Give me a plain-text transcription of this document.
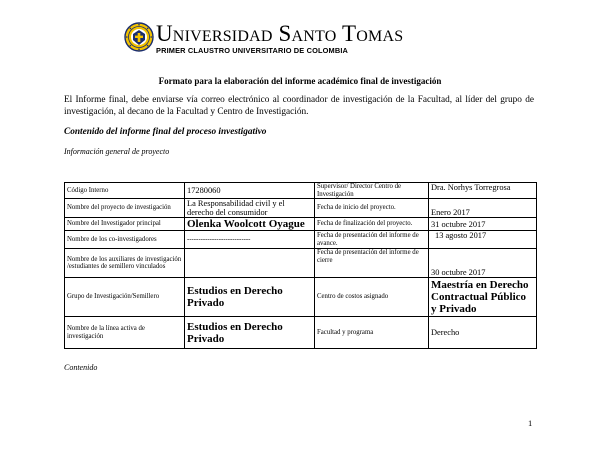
Universidad Santo Tomas
PRIMER CLAUSTRO UNIVERSITARIO DE COLOMBIA
Formato para la elaboración del informe académico final de investigación
El Informe final, debe enviarse vía correo electrónico al coordinador de investigación de la Facultad, al líder del grupo de investigación, al decano de la Facultad y Centro de Investigación.
Contenido del informe final del proceso investigativo
Información general de proyecto
Código Interno	17280060	Supervisor/ Director Centro de Investigación	Dra. Norhys Torregrosa
Nombre del proyecto de investigación	La Responsabilidad civil y el derecho del consumidor	Fecha de inicio del proyecto.	Enero 2017
Nombre del Investigador principal	Olenka Woolcott Oyague	Fecha de finalización del proyecto.	31 octubre 2017
Nombre de los co-investigadores	----------------------------	Fecha de presentación del informe de avance.	13 agosto 2017
Nombre de los auxiliares de investigación /estudiantes de semillero vinculados		Fecha de presentación del informe de cierre	30 octubre 2017
Grupo de Investigación/Semillero	Estudios en Derecho Privado	Centro de costos asignado	Maestría en Derecho Contractual Público y Privado
Nombre de la línea activa de investigación	Estudios en Derecho Privado	Facultad y programa	Derecho
Contenido
1
